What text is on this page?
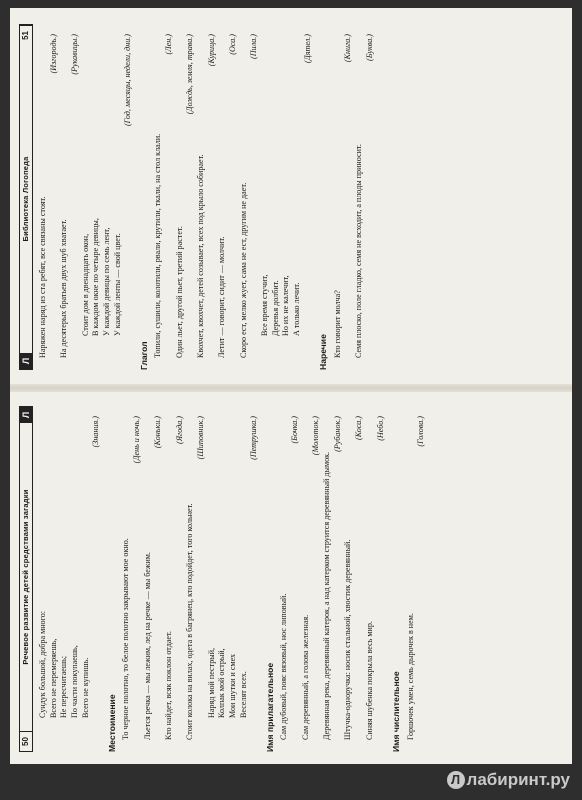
Л
Библиотека Логопеда
51
Наряжен наряд из ста ребят, все связаны стоят.
(Изгородь.)
На десятерых братьев двух шуб хватает.
(Рукавицы.)
Стоит дом в двенадцать окон, В каждом окне по четыре девицы, У каждой девицы по семь лент, У каждой ленты — свой цвет.
(Год, месяцы, недели, дни.)
Глагол Топили, сушили, колотили, рвали, крутили, ткали, на стол клали.
(Лен.)
Один льет, другой пьет, третий растет.
(Дождь, земля, трава.)
Квохчет, квохчет, детей созывает, всех под крыло собирает.
(Курица.)
Летит — говорит, сидит — молчит.
(Оса.)
Скоро ест, мелко жует, сама не ест, другим не дает.
(Пила.)
Все время стучит, Деревья долбит. Но их не калечит, А только лечит.
(Дятел.)
Наречие Кто говорит молча?
(Книга.)
Семя плоско, поле гладко, семя не всходит, а плоды приносит.
(Буква.)
50
Речевое развитие детей средствами загадки
Л
Сундук большой, добра много: Всего не перемеряешь, Не пересчитаешь; По части покупаешь, Всего не купишь.
(Знания.)
Местоимение То черное полотно, то белое полотно закрывают мое окно.
(День и ночь.)
Льется речка — мы лежим, лед на речке — мы бежим.
(Коньки.)
Кто найдет, всяк поклон отдает.
(Ягода.)
Стоит колока на вилах, одета в багрянец, кто подойдет, того кольнет.
(Шиповник.)
Наряд мой пестрый, Колпак мой острый, Мои шутки и смех Веселят всех.
(Петрушка.)
Имя прилагательное Сам дубовый, пояс вязовый, нос липовый.
(Бочка.)
Сам деревянный, а голова железная.
(Молоток.)
Деревянная река, деревянный катерок, а над катерком струится деревянный дымок.
(Рубанок.)
Штучка-одноручка: носик стальной, хвостик деревянный.
(Коса.)
Синяя шубенка покрыла весь мир.
(Небо.)
Имя числительное Горшочек умен, семь дырочек в нем.
(Голова.)
Л лабиринт.ру
